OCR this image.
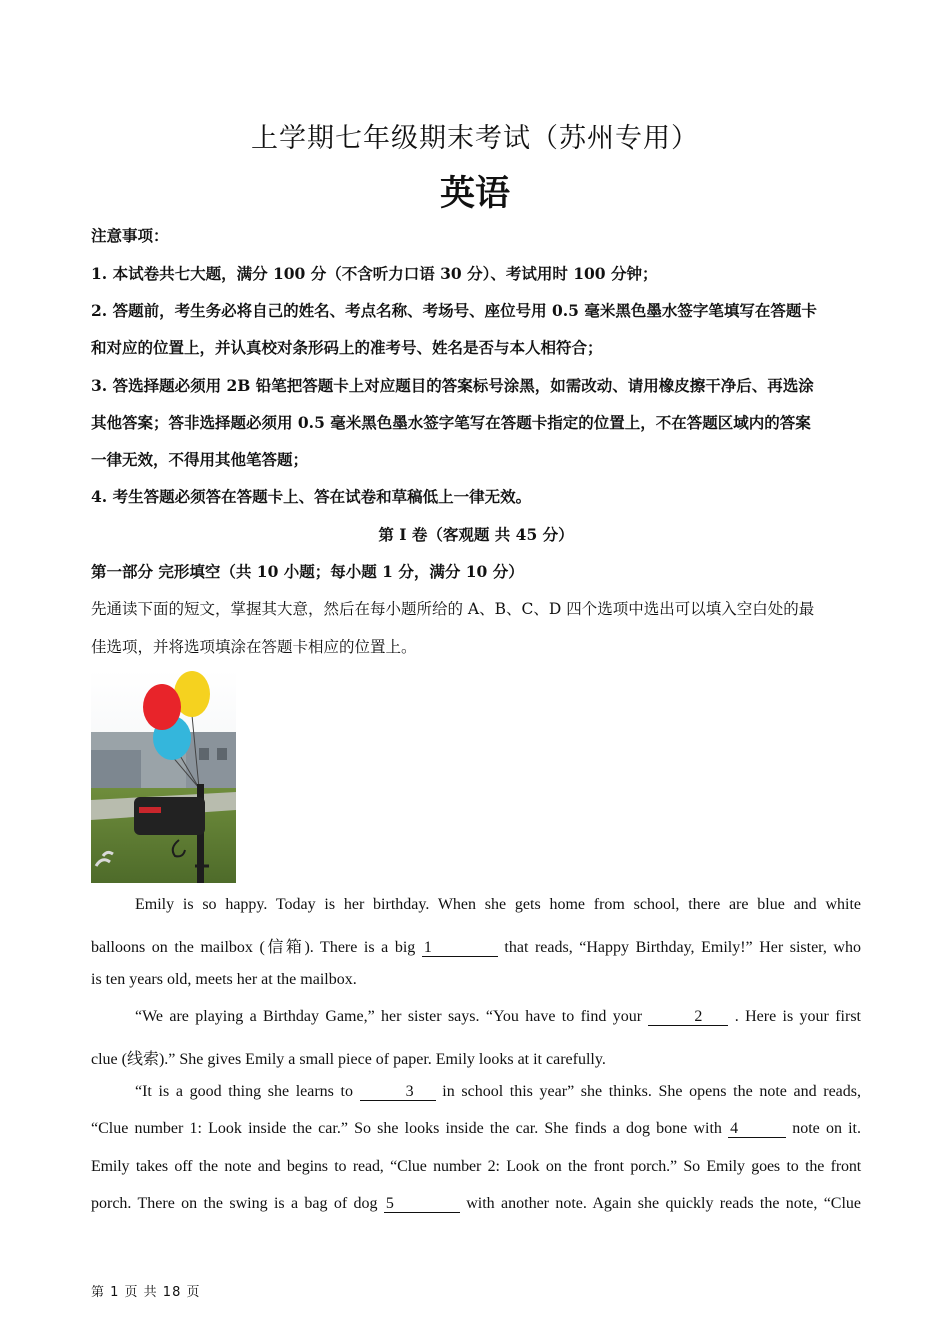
上学期七年级期末考试（苏州专用）
英语
注意事项：
1. 本试卷共七大题，满分 100 分（不含听力口语 30 分）、考试用时 100 分钟；
2. 答题前，考生务必将自己的姓名、考点名称、考场号、座位号用 0.5 毫米黑色墨水签字笔填写在答题卡
和对应的位置上，并认真校对条形码上的准考号、姓名是否与本人相符合；
3. 答选择题必须用 2B 铅笔把答题卡上对应题目的答案标号涂黑，如需改动、请用橡皮擦干净后、再选涂
其他答案；答非选择题必须用 0.5 毫米黑色墨水签字笔写在答题卡指定的位置上，不在答题区域内的答案
一律无效，不得用其他笔答题；
4. 考生答题必须答在答题卡上、答在试卷和草稿低上一律无效。
第 I 卷（客观题 共 45 分）
第一部分 完形填空（共 10 小题；每小题 1 分，满分 10 分）
先通读下面的短文，掌握其大意，然后在每小题所给的 A、B、C、D 四个选项中选出可以填入空白处的最
佳选项，并将选项填涂在答题卡相应的位置上。
Emily is so happy. Today is her birthday. When she gets home from school, there are blue and white
balloons on the mailbox (信箱). There is a big 1	that reads, “Happy Birthday, Emily!” Her sister, who
is ten years old, meets her at the mailbox.
“We are playing a Birthday Game,” her sister says. “You have to find your	2 . Here is your first
clue (线索).” She gives Emily a small piece of paper. Emily looks at it carefully.
“It is a good thing she learns to	3 in school this year” she thinks. She opens the note and reads,
“Clue number 1: Look inside the car.” So she looks inside the car. She finds a dog bone with 4	note on it.
Emily takes off the note and begins to read, “Clue number 2: Look on the front porch.” So Emily goes to the front
porch. There on the swing is a bag of dog 5	with another note. Again she quickly reads the note, “Clue
第 1 页 共 18 页
